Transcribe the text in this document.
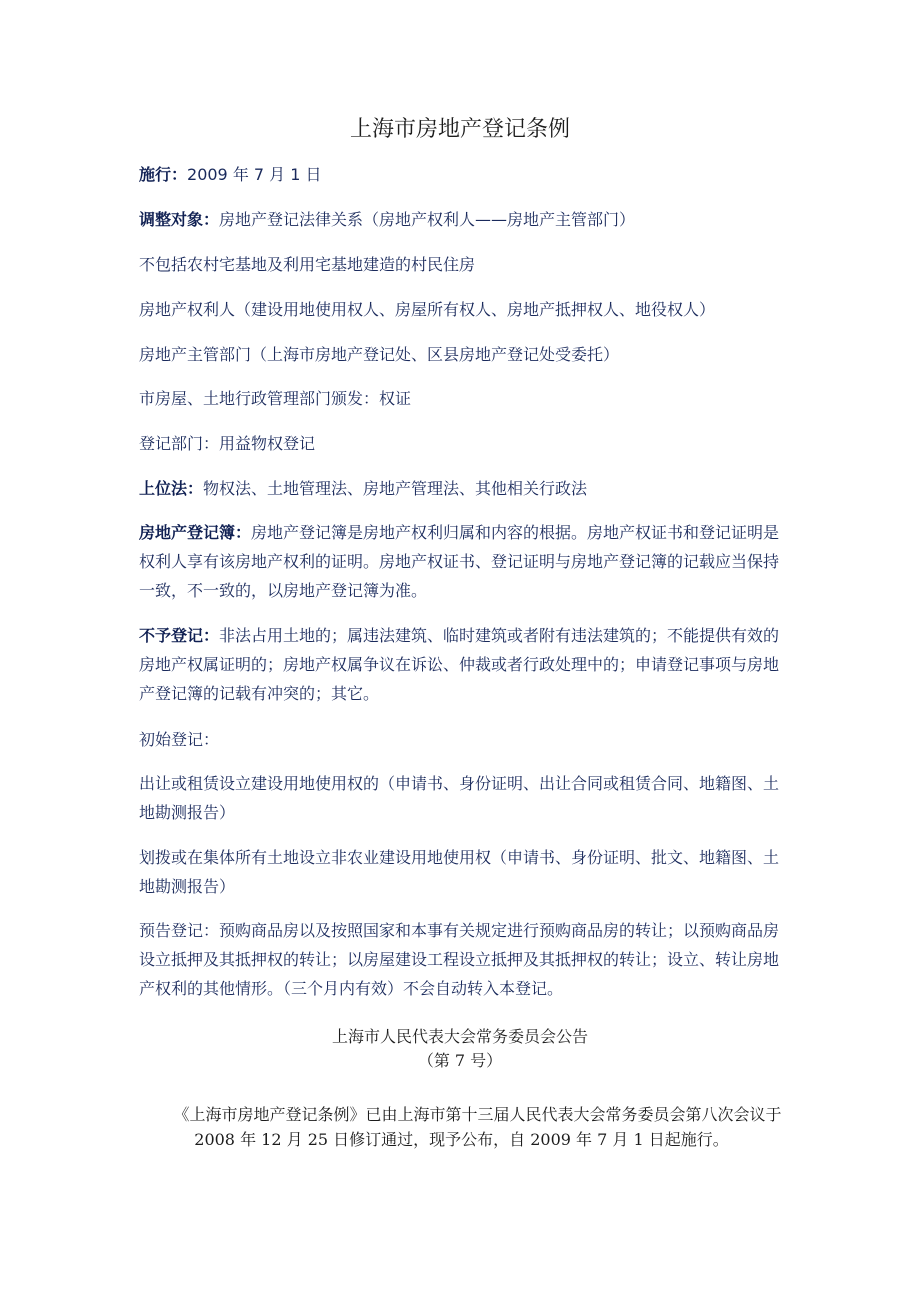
上海市房地产登记条例

施行：2009 年 7 月 1 日

调整对象：房地产登记法律关系（房地产权利人——房地产主管部门）

不包括农村宅基地及利用宅基地建造的村民住房

房地产权利人（建设用地使用权人、房屋所有权人、房地产抵押权人、地役权人）

房地产主管部门（上海市房地产登记处、区县房地产登记处受委托）

市房屋、土地行政管理部门颁发：权证

登记部门：用益物权登记

上位法：物权法、土地管理法、房地产管理法、其他相关行政法

房地产登记簿：房地产登记簿是房地产权利归属和内容的根据。房地产权证书和登记证明是权利人享有该房地产权利的证明。房地产权证书、登记证明与房地产登记簿的记载应当保持一致，不一致的，以房地产登记簿为准。

不予登记：非法占用土地的；属违法建筑、临时建筑或者附有违法建筑的；不能提供有效的房地产权属证明的；房地产权属争议在诉讼、仲裁或者行政处理中的；申请登记事项与房地产登记簿的记载有冲突的；其它。

初始登记：

出让或租赁设立建设用地使用权的（申请书、身份证明、出让合同或租赁合同、地籍图、土地勘测报告）

划拨或在集体所有土地设立非农业建设用地使用权（申请书、身份证明、批文、地籍图、土地勘测报告）

预告登记：预购商品房以及按照国家和本事有关规定进行预购商品房的转让；以预购商品房设立抵押及其抵押权的转让；以房屋建设工程设立抵押及其抵押权的转让；设立、转让房地产权利的其他情形。（三个月内有效）不会自动转入本登记。

上海市人民代表大会常务委员会公告

（第 7 号）

《上海市房地产登记条例》已由上海市第十三届人民代表大会常务委员会第八次会议于 2008 年 12 月 25 日修订通过，现予公布，自 2009 年 7 月 1 日起施行。
